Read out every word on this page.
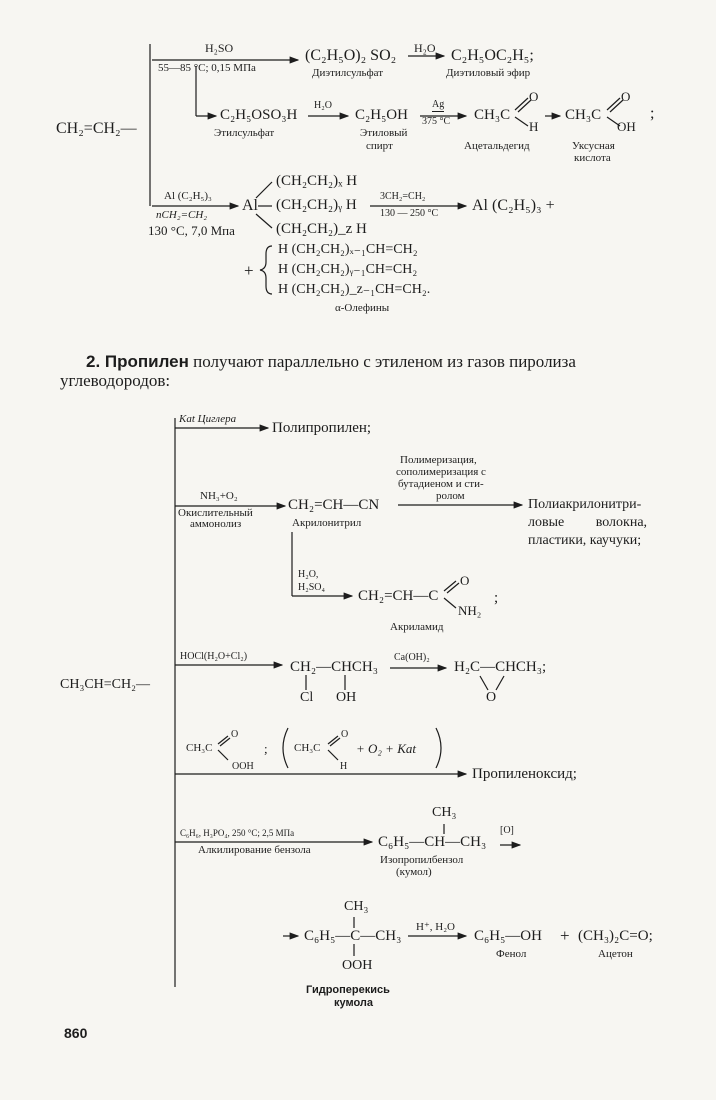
CH₂=CH₂—
H₂SO
55—85 °С; 0,15 МПа
(C₂H₅O)₂ SO₂
Диэтилсульфат
H₂O C₂H₅OC₂H₅;
Диэтиловый эфир
C₂H₅OSO₃H
Этилсульфат
H₂O
C₂H₅OH
Этиловый
спирт
Ag
375 °C CH₃C
O
H
Ацетальдегид
CH₃C
O
OH
;
Уксусная
кислота
Al (C₂H₅)₃
nCH₂=CH₂
130 °С, 7,0 Мпа
Al
(CH₂CH₂)ₓ H
(CH₂CH₂)ᵧ H
(CH₂CH₂)_z H
3CH₂=CH₂
130 — 250 °С Al (C₂H₅)₃ +
+
H (CH₂CH₂)ₓ₋₁CH=CH₂
H (CH₂CH₂)ᵧ₋₁CH=CH₂
H (CH₂CH₂)_z₋₁CH=CH₂.
α-Олефины
2. Пропилен получают параллельно с этиленом из газов пиролиза углеводородов:
CH₃CH=CH₂—
Kat Циглера
Полипропилен;
NH₃+O₂
Окислительный
аммонолиз
CH₂=CH—CN
Акрилонитрил
Полимеризация,
сополимеризация с
бутадиеном и сти-
ролом
Полиакрилонитри-
ловые         волокна,
пластики, каучуки;
H₂O,
H₂SO₄
CH₂=CH—C
O
NH₂
;
Акриламид
HOCl(H₂O+Cl₂)
CH₂—CHCH₃
Cl OH
Ca(OH)₂
H₂C—CHCH₃;
O
CH₃C
O
OOH
; CH₃C
O
H
+ O₂ + Kat
Пропиленоксид;
C₆H₆, H₃PO₄, 250 °C; 2,5 МПа
Алкилирование бензола
CH₃
C₆H₅—CH—CH₃
[O]
Изопропилбензол
(кумол)
CH₃
C₆H₅—C—CH₃
OOH
H⁺, H₂O
C₆H₅—OH + (CH₃)₂C=O;
Фенол	Ацетон
Гидроперекись
кумола
860
